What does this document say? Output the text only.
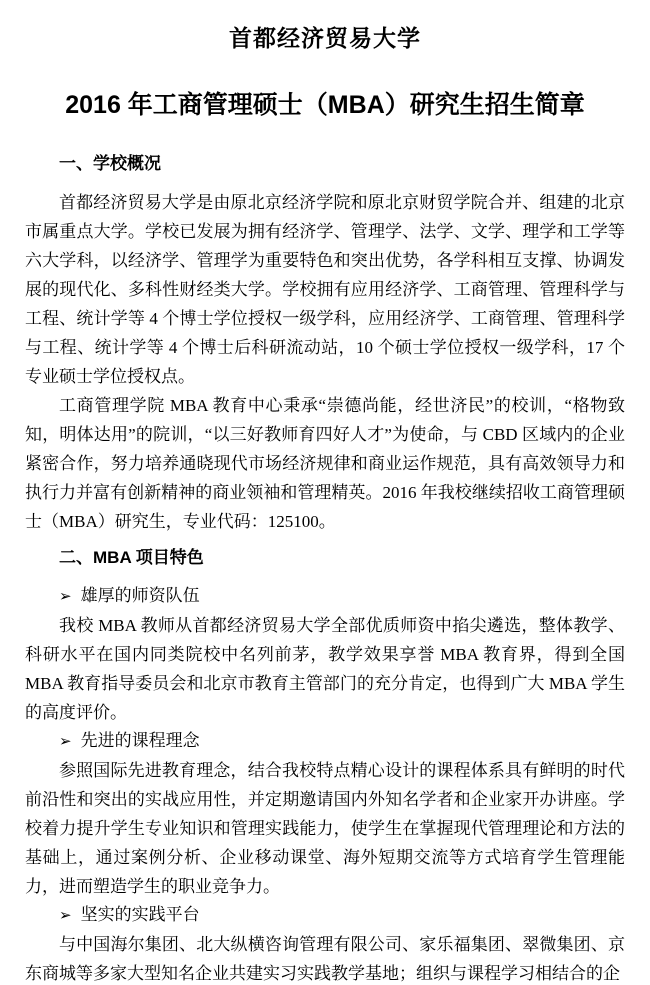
首都经济贸易大学
2016 年工商管理硕士（MBA）研究生招生简章
一、学校概况

首都经济贸易大学是由原北京经济学院和原北京财贸学院合并、组建的北京市属重点大学。学校已发展为拥有经济学、管理学、法学、文学、理学和工学等六大学科，以经济学、管理学为重要特色和突出优势，各学科相互支撑、协调发展的现代化、多科性财经类大学。学校拥有应用经济学、工商管理、管理科学与工程、统计学等 4 个博士学位授权一级学科，应用经济学、工商管理、管理科学与工程、统计学等 4 个博士后科研流动站，10 个硕士学位授权一级学科，17 个专业硕士学位授权点。

工商管理学院 MBA 教育中心秉承“崇德尚能，经世济民”的校训，“格物致知，明体达用”的院训，“以三好教师育四好人才”为使命，与 CBD 区域内的企业紧密合作，努力培养通晓现代市场经济规律和商业运作规范，具有高效领导力和执行力并富有创新精神的商业领袖和管理精英。2016 年我校继续招收工商管理硕士（MBA）研究生，专业代码：125100。

二、MBA 项目特色
➢ 雄厚的师资队伍

我校 MBA 教师从首都经济贸易大学全部优质师资中掐尖遴选，整体教学、科研水平在国内同类院校中名列前茅，教学效果享誉 MBA 教育界，得到全国 MBA 教育指导委员会和北京市教育主管部门的充分肯定，也得到广大 MBA 学生的高度评价。

➢ 先进的课程理念

参照国际先进教育理念，结合我校特点精心设计的课程体系具有鲜明的时代前沿性和突出的实战应用性，并定期邀请国内外知名学者和企业家开办讲座。学校着力提升学生专业知识和管理实践能力，使学生在掌握现代管理理论和方法的基础上，通过案例分析、企业移动课堂、海外短期交流等方式培育学生管理能力，进而塑造学生的职业竞争力。

➢ 坚实的实践平台

与中国海尔集团、北大纵横咨询管理有限公司、家乐福集团、翠微集团、京东商城等多家大型知名企业共建实习实践教学基地；组织与课程学习相结合的企
